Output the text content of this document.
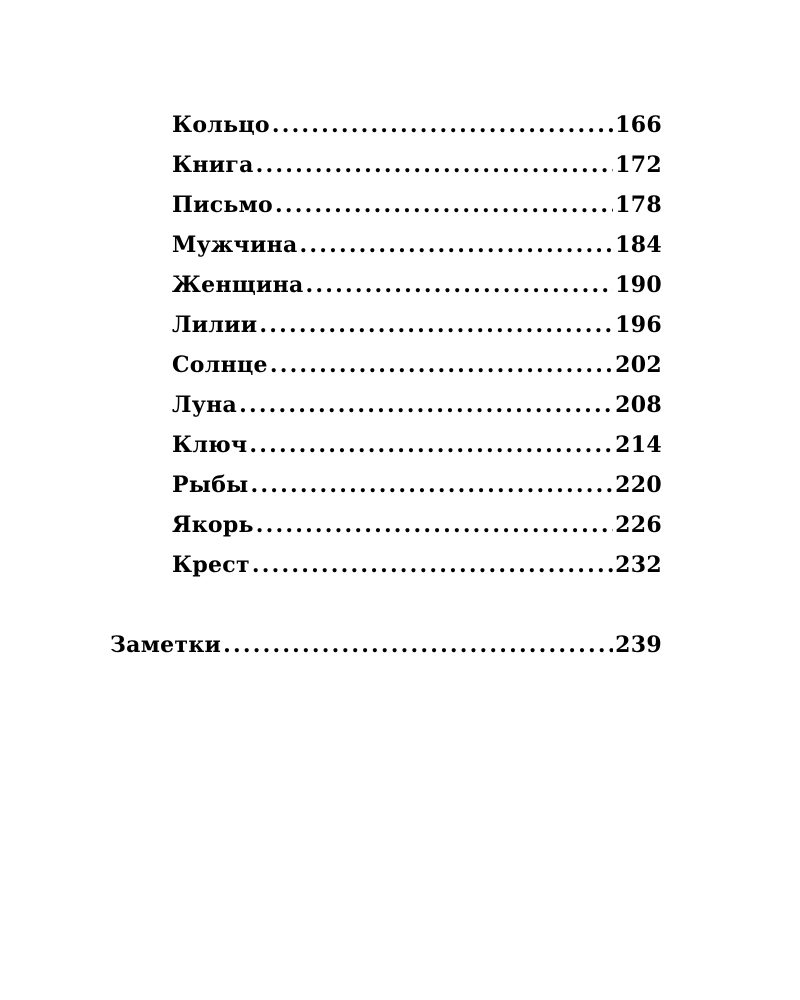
Кольцо .....	166
Книга .....	172
Письмо .....	178
Мужчина .....	184
Женщина .....	190
Лилии .....	196
Солнце .....	202
Луна .....	208
Ключ .....	214
Рыбы .....	220
Якорь .....	226
Крест .....	232
Заметки .....	239
